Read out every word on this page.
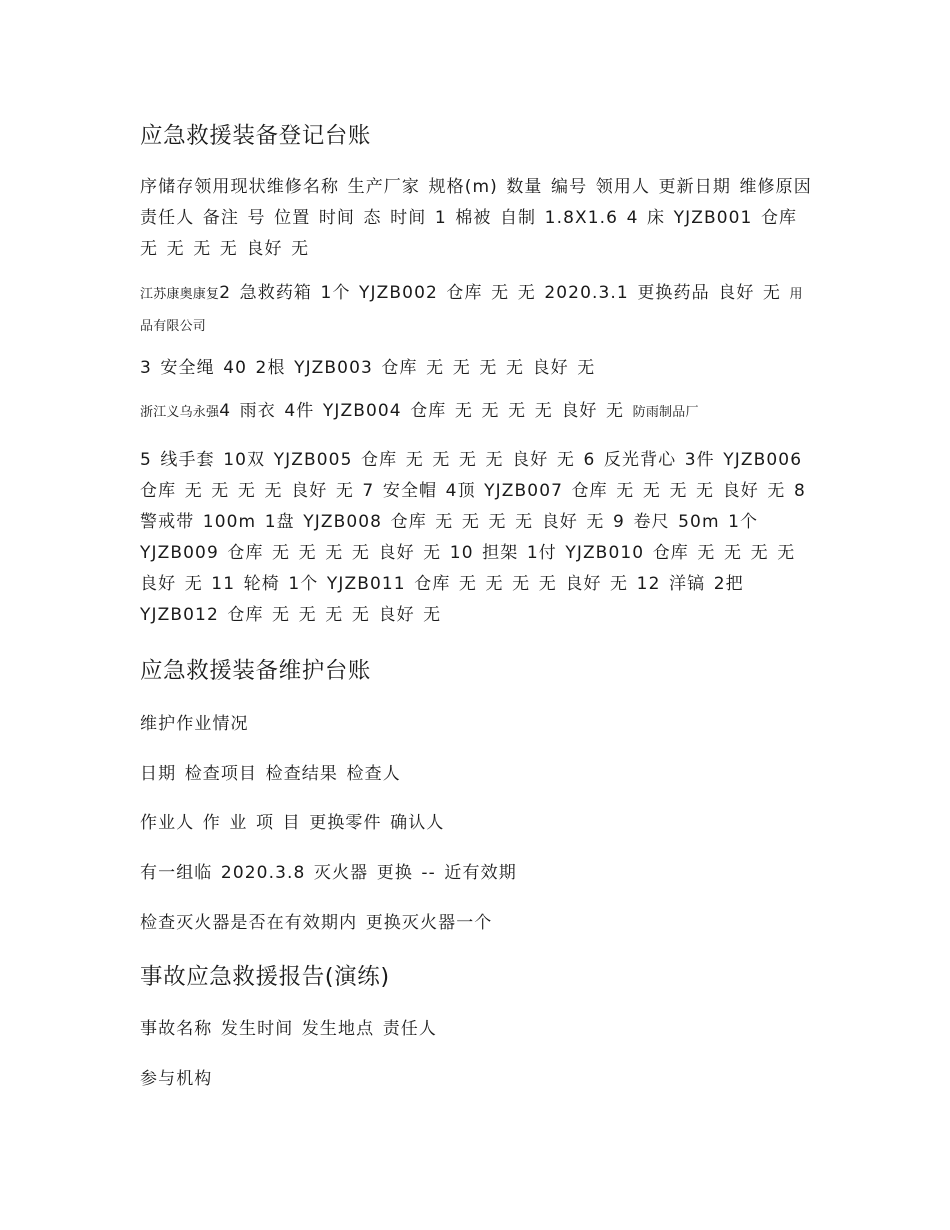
应急救援装备登记台账

序储存领用现状维修名称 生产厂家 规格(m) 数量 编号 领用人 更新日期 维修原因 责任人 备注 号 位置 时间 态 时间 1 棉被 自制 1.8X1.6 4 床 YJZB001 仓库 无 无 无 无 良好 无

江苏康奥康复2 急救药箱 1个 YJZB002 仓库 无 无 2020.3.1 更换药品 良好 无 用品有限公司

3 安全绳 40 2根 YJZB003 仓库 无 无 无 无 良好 无

浙江义乌永强4 雨衣 4件 YJZB004 仓库 无 无 无 无 良好 无 防雨制品厂

5 线手套 10双 YJZB005 仓库 无 无 无 无 良好 无 6 反光背心 3件 YJZB006 仓库 无 无 无 无 良好 无 7 安全帽 4顶 YJZB007 仓库 无 无 无 无 良好 无 8 警戒带 100m 1盘 YJZB008 仓库 无 无 无 无 良好 无 9 卷尺 50m 1个 YJZB009 仓库 无 无 无 无 良好 无 10 担架 1付 YJZB010 仓库 无 无 无 无 良好 无 11 轮椅 1个 YJZB011 仓库 无 无 无 无 良好 无 12 洋镐 2把 YJZB012 仓库 无 无 无 无 良好 无

应急救援装备维护台账

维护作业情况

日期 检查项目 检查结果 检查人

作业人 作 业 项 目 更换零件 确认人

有一组临 2020.3.8 灭火器 更换 -- 近有效期

检查灭火器是否在有效期内 更换灭火器一个

事故应急救援报告(演练)

事故名称 发生时间 发生地点 责任人

参与机构
